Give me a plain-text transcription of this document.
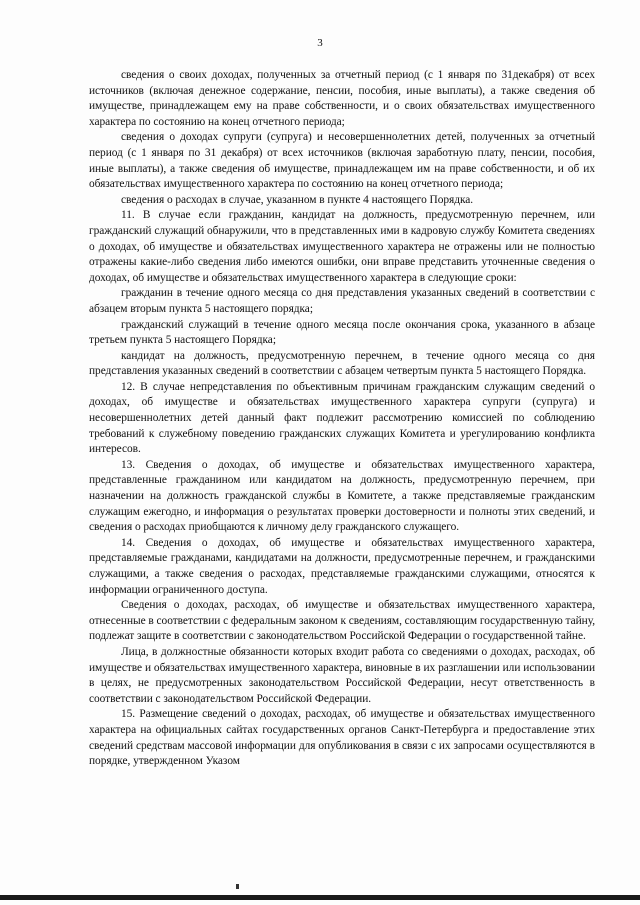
3

сведения о своих доходах, полученных за отчетный период (с 1 января по 31декабря) от всех источников (включая денежное содержание, пенсии, пособия, иные выплаты), а также сведения об имуществе, принадлежащем ему на праве собственности, и о своих обязательствах имущественного характера по состоянию на конец отчетного периода;

сведения о доходах супруги (супруга) и несовершеннолетних детей, полученных за отчетный период (с 1 января по 31 декабря) от всех источников (включая заработную плату, пенсии, пособия, иные выплаты), а также сведения об имуществе, принадлежащем им на праве собственности, и об их обязательствах имущественного характера по состоянию на конец отчетного периода;

сведения о расходах в случае, указанном в пункте 4 настоящего Порядка.

11. В случае если гражданин, кандидат на должность, предусмотренную перечнем, или гражданский служащий обнаружили, что в представленных ими в кадровую службу Комитета сведениях о доходах, об имуществе и обязательствах имущественного характера не отражены или не полностью отражены какие-либо сведения либо имеются ошибки, они вправе представить уточненные сведения о доходах, об имуществе и обязательствах имущественного характера в следующие сроки:

гражданин в течение одного месяца со дня представления указанных сведений в соответствии с абзацем вторым пункта 5 настоящего порядка;

гражданский служащий в течение одного месяца после окончания срока, указанного в абзаце третьем пункта 5 настоящего Порядка;

кандидат на должность, предусмотренную перечнем, в течение одного месяца со дня представления указанных сведений в соответствии с абзацем четвертым пункта 5 настоящего Порядка.

12. В случае непредставления по объективным причинам гражданским служащим сведений о доходах, об имуществе и обязательствах имущественного характера супруги (супруга) и несовершеннолетних детей данный факт подлежит рассмотрению комиссией по соблюдению требований к служебному поведению гражданских служащих Комитета и урегулированию конфликта интересов.

13. Сведения о доходах, об имуществе и обязательствах имущественного характера, представленные гражданином или кандидатом на должность, предусмотренную перечнем, при назначении на должность гражданской службы в Комитете, а также представляемые гражданским служащим ежегодно, и информация о результатах проверки достоверности и полноты этих сведений, и сведения о расходах приобщаются к личному делу гражданского служащего.

14. Сведения о доходах, об имуществе и обязательствах имущественного характера, представляемые гражданами, кандидатами на должности, предусмотренные перечнем, и гражданскими служащими, а также сведения о расходах, представляемые гражданскими служащими, относятся к информации ограниченного доступа.

Сведения о доходах, расходах, об имуществе и обязательствах имущественного характера, отнесенные в соответствии с федеральным законом к сведениям, составляющим государственную тайну, подлежат защите в соответствии с законодательством Российской Федерации о государственной тайне.

Лица, в должностные обязанности которых входит работа со сведениями о доходах, расходах, об имуществе и обязательствах имущественного характера, виновные в их разглашении или использовании в целях, не предусмотренных законодательством Российской Федерации, несут ответственность в соответствии с законодательством Российской Федерации.

15. Размещение сведений о доходах, расходах, об имуществе и обязательствах имущественного характера на официальных сайтах государственных органов Санкт-Петербурга и предоставление этих сведений средствам массовой информации для опубликования в связи с их запросами осуществляются в порядке, утвержденном Указом
